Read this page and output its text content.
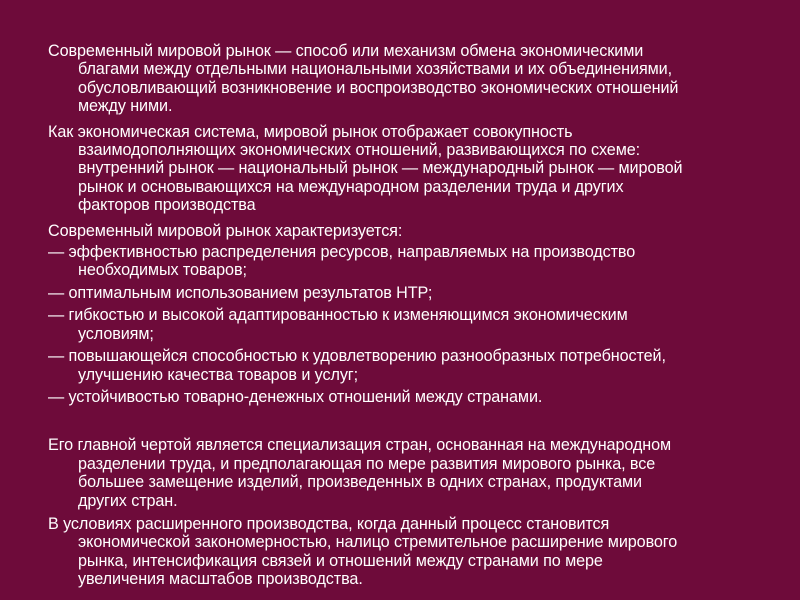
Современный мировой рынок — способ или механизм обмена экономическими
благами между отдельными национальными хозяйствами и их объединениями,
обусловливающий возникновение и воспроизводство экономических отношений
между ними.

Как экономическая система, мировой рынок отображает совокупность
взаимодополняющих экономических отношений, развивающихся по схеме:
внутренний рынок — национальный рынок — международный рынок — мировой
рынок и основывающихся на международном разделении труда и других
факторов производства

Современный мировой рынок характеризуется:

— эффективностью распределения ресурсов, направляемых на производство
необходимых товаров;

— оптимальным использованием результатов НТР;

— гибкостью и высокой адаптированностью к изменяющимся экономическим
условиям;

— повышающейся способностью к удовлетворению разнообразных потребностей,
улучшению качества товаров и услуг;

— устойчивостью товарно-денежных отношений между странами.

Его главной чертой является специализация стран, основанная на международном
разделении труда, и предполагающая по мере развития мирового рынка, все
большее замещение изделий, произведенных в одних странах, продуктами
других стран.

В условиях расширенного производства, когда данный процесс становится
экономической закономерностью, налицо стремительное расширение мирового
рынка, интенсификация связей и отношений между странами по мере
увеличения масштабов производства.
